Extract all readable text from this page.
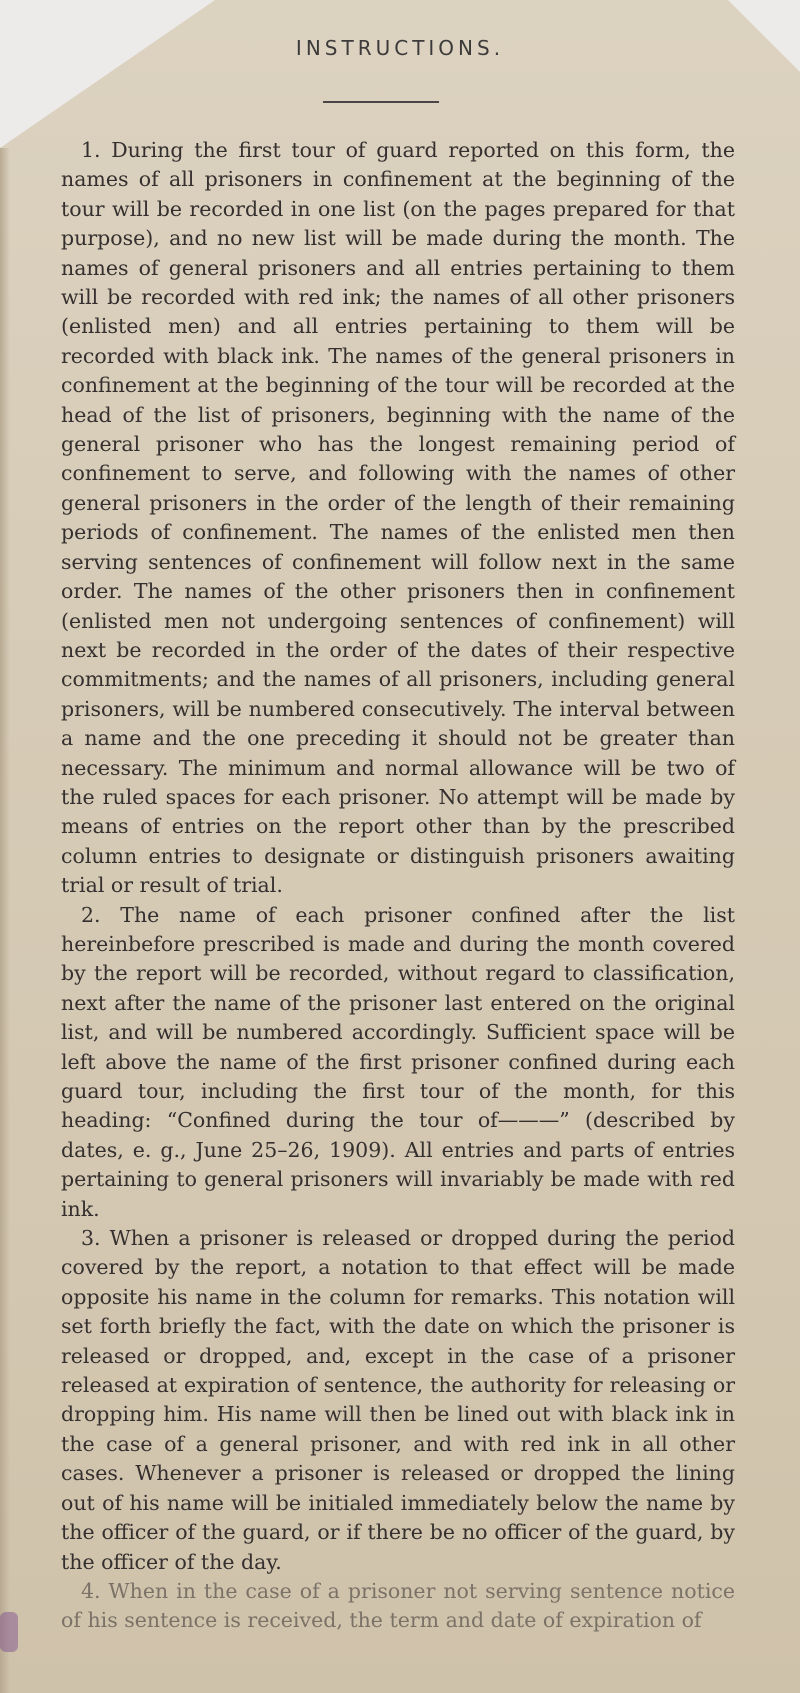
INSTRUCTIONS.

1. During the first tour of guard reported on this form, the names of all prisoners in confinement at the beginning of the tour will be recorded in one list (on the pages prepared for that purpose), and no new list will be made during the month. The names of general prisoners and all entries pertaining to them will be recorded with red ink; the names of all other prisoners (enlisted men) and all entries pertaining to them will be recorded with black ink. The names of the general prisoners in confinement at the beginning of the tour will be recorded at the head of the list of prisoners, beginning with the name of the general prisoner who has the longest remaining period of confinement to serve, and following with the names of other general prisoners in the order of the length of their remaining periods of confinement. The names of the enlisted men then serving sentences of confinement will follow next in the same order. The names of the other prisoners then in confinement (enlisted men not undergoing sentences of confinement) will next be recorded in the order of the dates of their respective commitments; and the names of all prisoners, including general prisoners, will be numbered consecutively. The interval between a name and the one preceding it should not be greater than necessary. The minimum and normal allowance will be two of the ruled spaces for each prisoner. No attempt will be made by means of entries on the report other than by the prescribed column entries to designate or distinguish prisoners awaiting trial or result of trial.

2. The name of each prisoner confined after the list hereinbefore prescribed is made and during the month covered by the report will be recorded, without regard to classification, next after the name of the prisoner last entered on the original list, and will be numbered accordingly. Sufficient space will be left above the name of the first prisoner confined during each guard tour, including the first tour of the month, for this heading: “Confined during the tour of———” (described by dates, e. g., June 25–26, 1909). All entries and parts of entries pertaining to general prisoners will invariably be made with red ink.

3. When a prisoner is released or dropped during the period covered by the report, a notation to that effect will be made opposite his name in the column for remarks. This notation will set forth briefly the fact, with the date on which the prisoner is released or dropped, and, except in the case of a prisoner released at expiration of sentence, the authority for releasing or dropping him. His name will then be lined out with black ink in the case of a general prisoner, and with red ink in all other cases. Whenever a prisoner is released or dropped the lining out of his name will be initialed immediately below the name by the officer of the guard, or if there be no officer of the guard, by the officer of the day.

4. When in the case of a prisoner not serving sentence notice of his sentence is received, the term and date of expiration of
